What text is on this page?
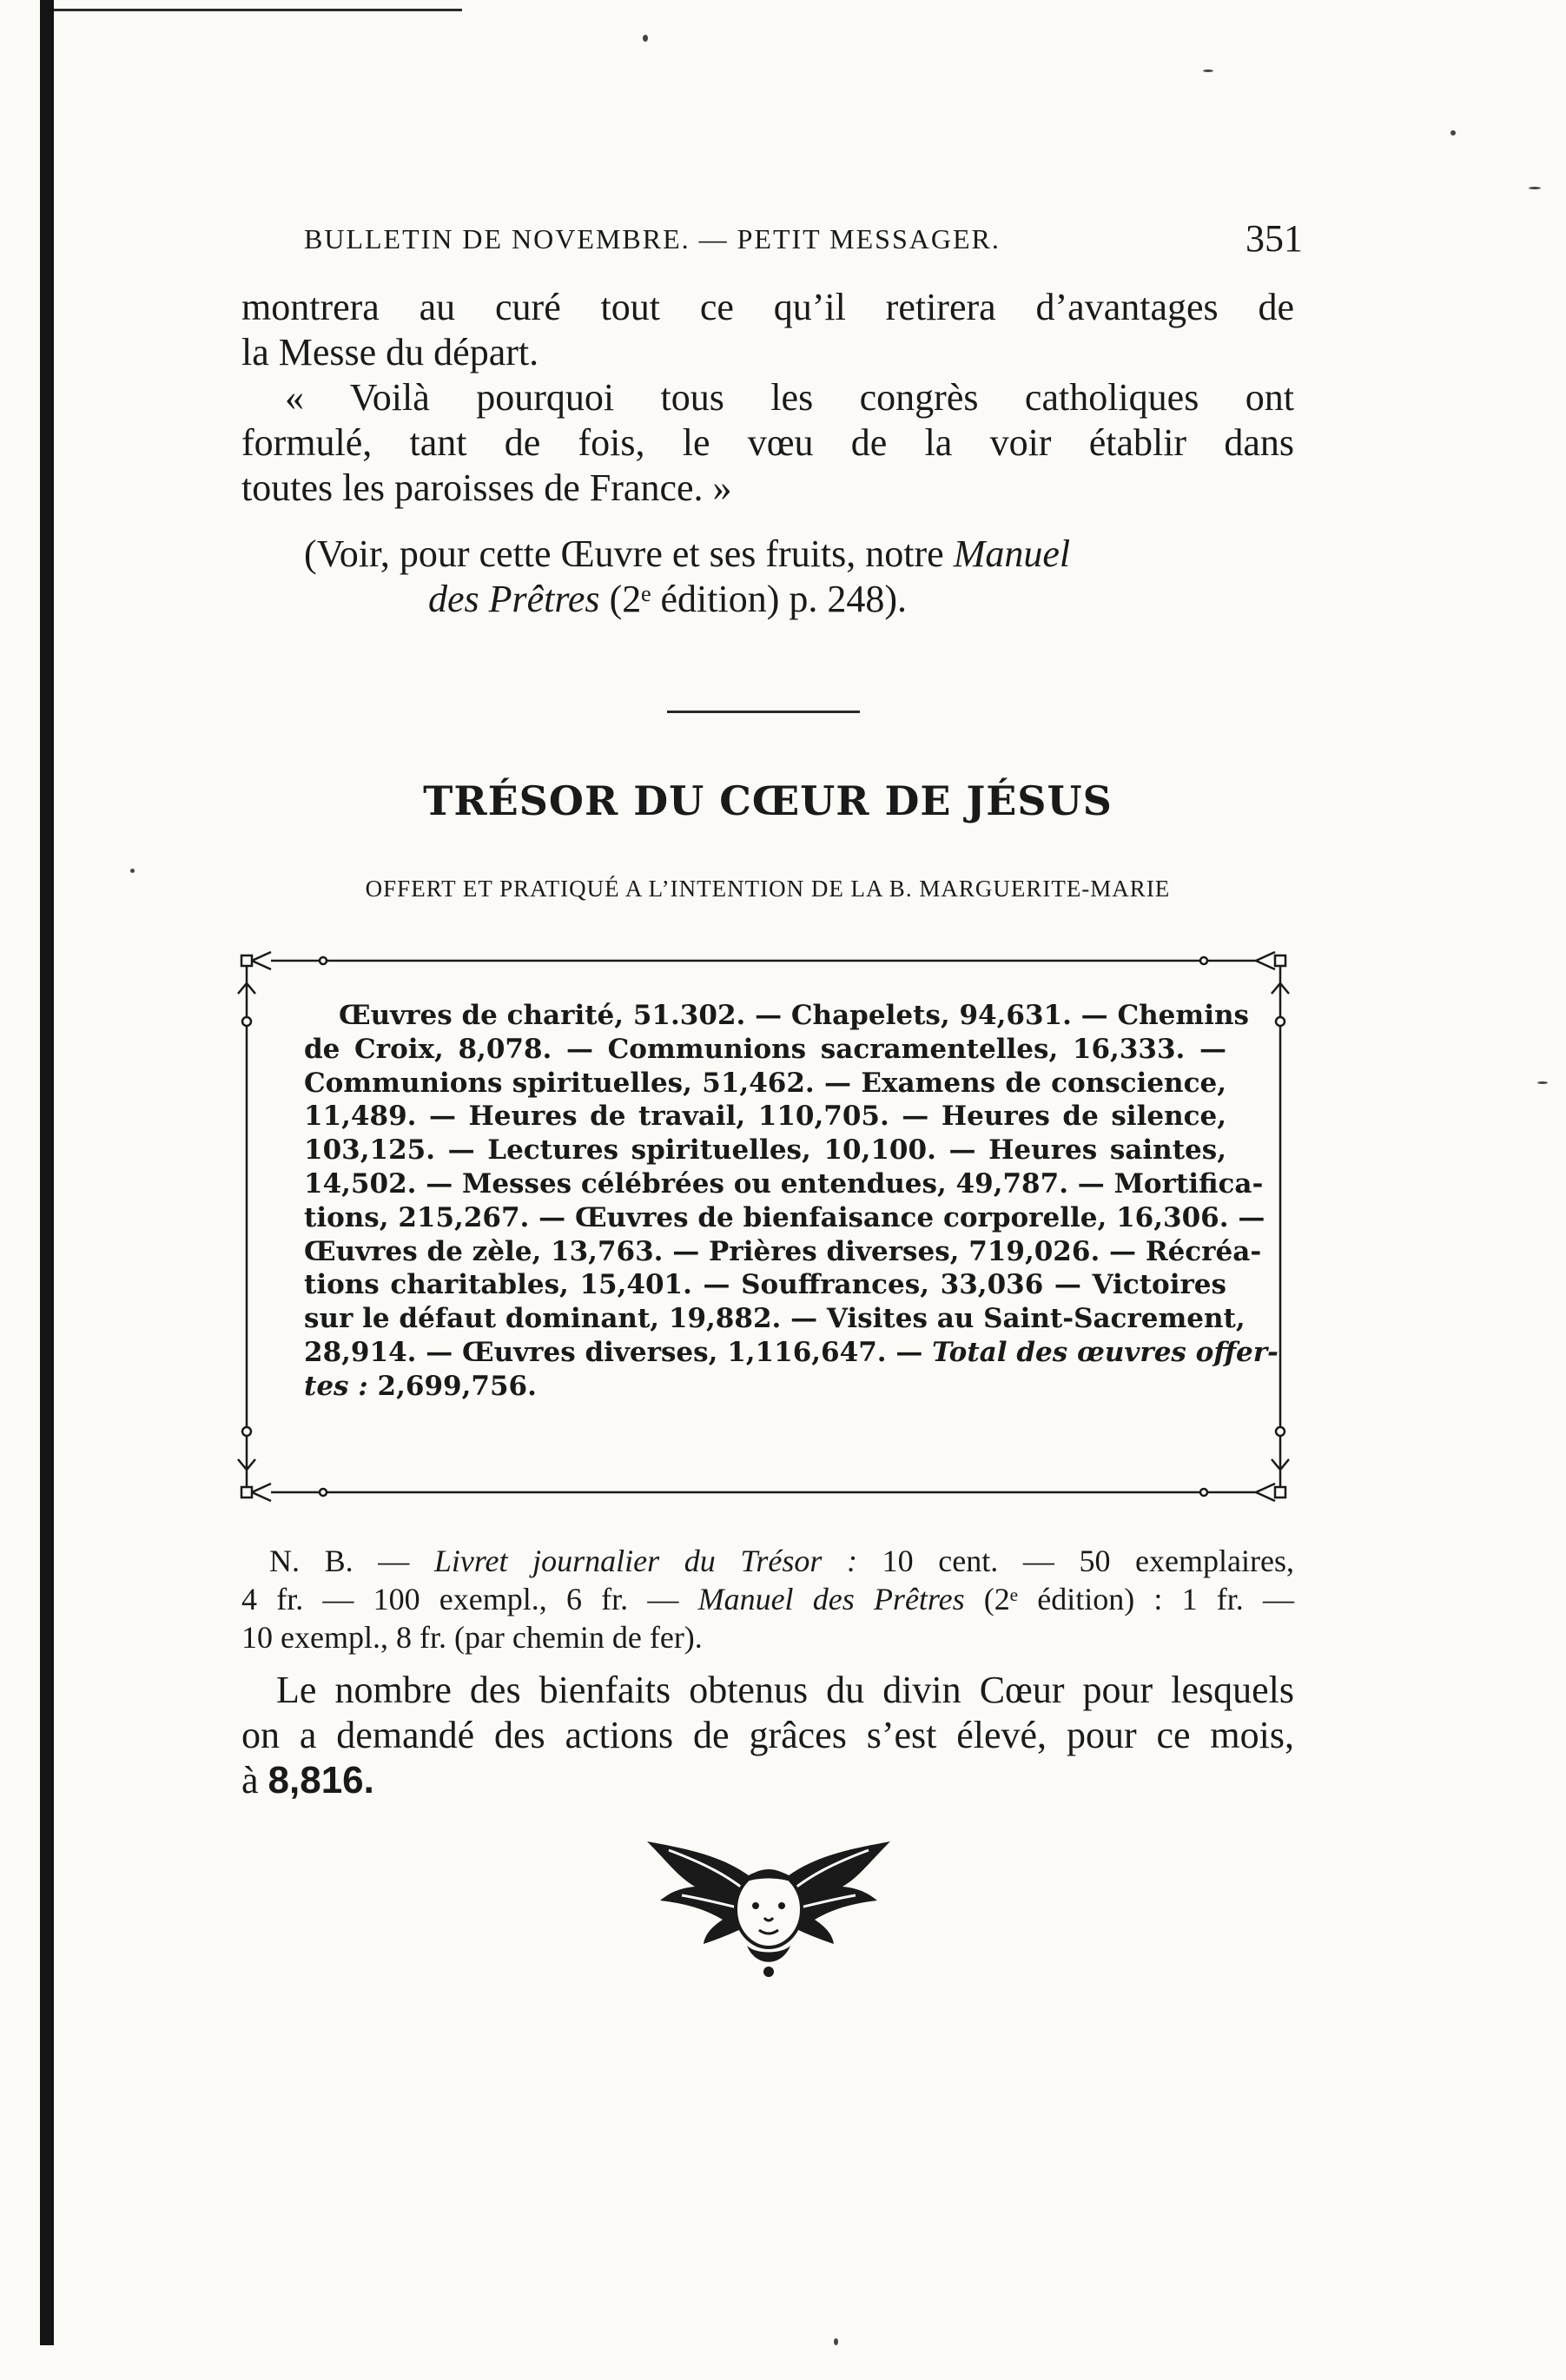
BULLETIN DE NOVEMBRE. — PETIT MESSAGER.	351
montrera au curé tout ce qu’il retirera d’avantages de
la Messe du départ.
« Voilà pourquoi tous les congrès catholiques ont
formulé, tant de fois, le vœu de la voir établir dans
toutes les paroisses de France. »
(Voir, pour cette Œuvre et ses fruits, notre Manuel
des Prêtres (2ᵉ édition) p. 248).
TRÉSOR DU CŒUR DE JÉSUS
OFFERT ET PRATIQUÉ A L’INTENTION DE LA B. MARGUERITE-MARIE
Œuvres de charité, 51.302. — Chapelets, 94,631. — Chemins
de Croix, 8,078. — Communions sacramentelles, 16,333. —
Communions spirituelles, 51,462. — Examens de conscience,
11,489. — Heures de travail, 110,705. — Heures de silence,
103,125. — Lectures spirituelles, 10,100. — Heures saintes,
14,502. — Messes célébrées ou entendues, 49,787. — Mortifica-
tions, 215,267. — Œuvres de bienfaisance corporelle, 16,306. —
Œuvres de zèle, 13,763. — Prières diverses, 719,026. — Récréa-
tions charitables, 15,401. — Souffrances, 33,036 — Victoires
sur le défaut dominant, 19,882. — Visites au Saint-Sacrement,
28,914. — Œuvres diverses, 1,116,647. — Total des œuvres offer-
tes : 2,699,756.
N. B. — Livret journalier du Trésor : 10 cent. — 50 exemplaires,
4 fr. — 100 exempl., 6 fr. — Manuel des Prêtres (2ᵉ édition) : 1 fr. —
10 exempl., 8 fr. (par chemin de fer).
Le nombre des bienfaits obtenus du divin Cœur pour lesquels
on a demandé des actions de grâces s’est élevé, pour ce mois,
à 8,816.
